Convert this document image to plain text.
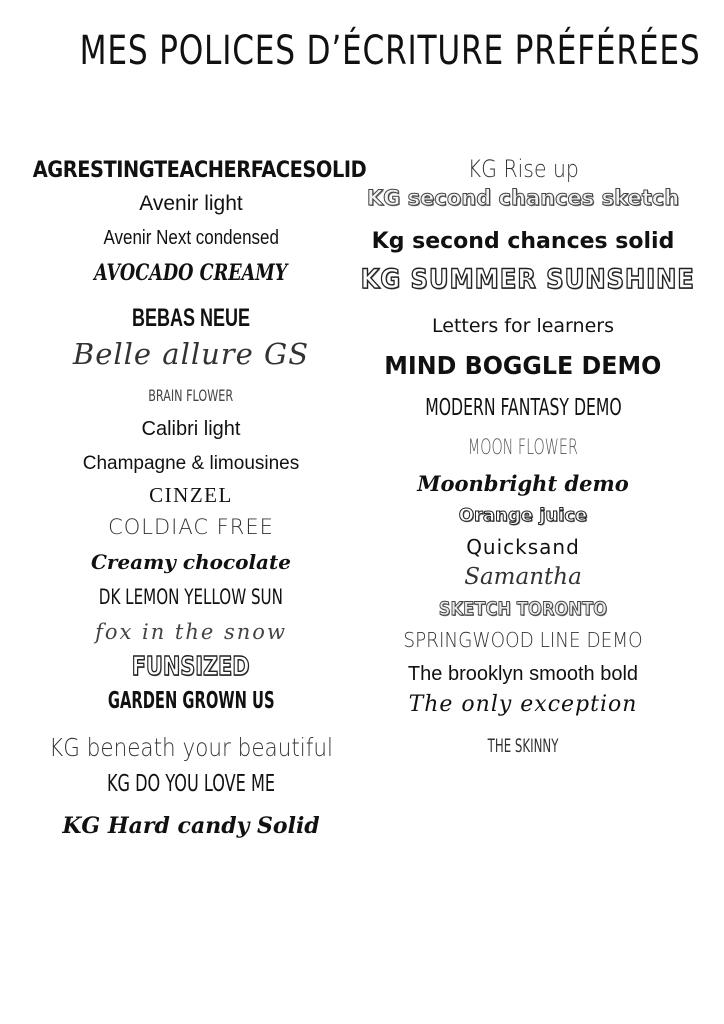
MES POLICES D’ÉCRITURE PRÉFÉRÉES
AGRESTINGTEACHERFACESOLID
Avenir light
Avenir Next condensed
AVOCADO CREAMY
BEBAS NEUE
Belle allure GS
BRAIN FLOWER
Calibri light
Champagne & limousines
CINZEL
COLDIAC FREE
Creamy chocolate
DK LEMON YELLOW SUN
fox in the snow
FUNSIZED
GARDEN GROWN US
KG beneath your beautiful
KG DO YOU LOVE ME
KG Hard candy Solid
KG Rise up
KG second chances sketch
Kg second chances solid
KG SUMMER SUNSHINE
Letters for learners
MIND BOGGLE DEMO
MODERN FANTASY DEMO
MOON FLOWER
Moonbright demo
Orange juice
Quicksand
Samantha
SKETCH TORONTO
SPRINGWOOD LINE DEMO
The brooklyn smooth bold
The only exception
THE SKINNY
